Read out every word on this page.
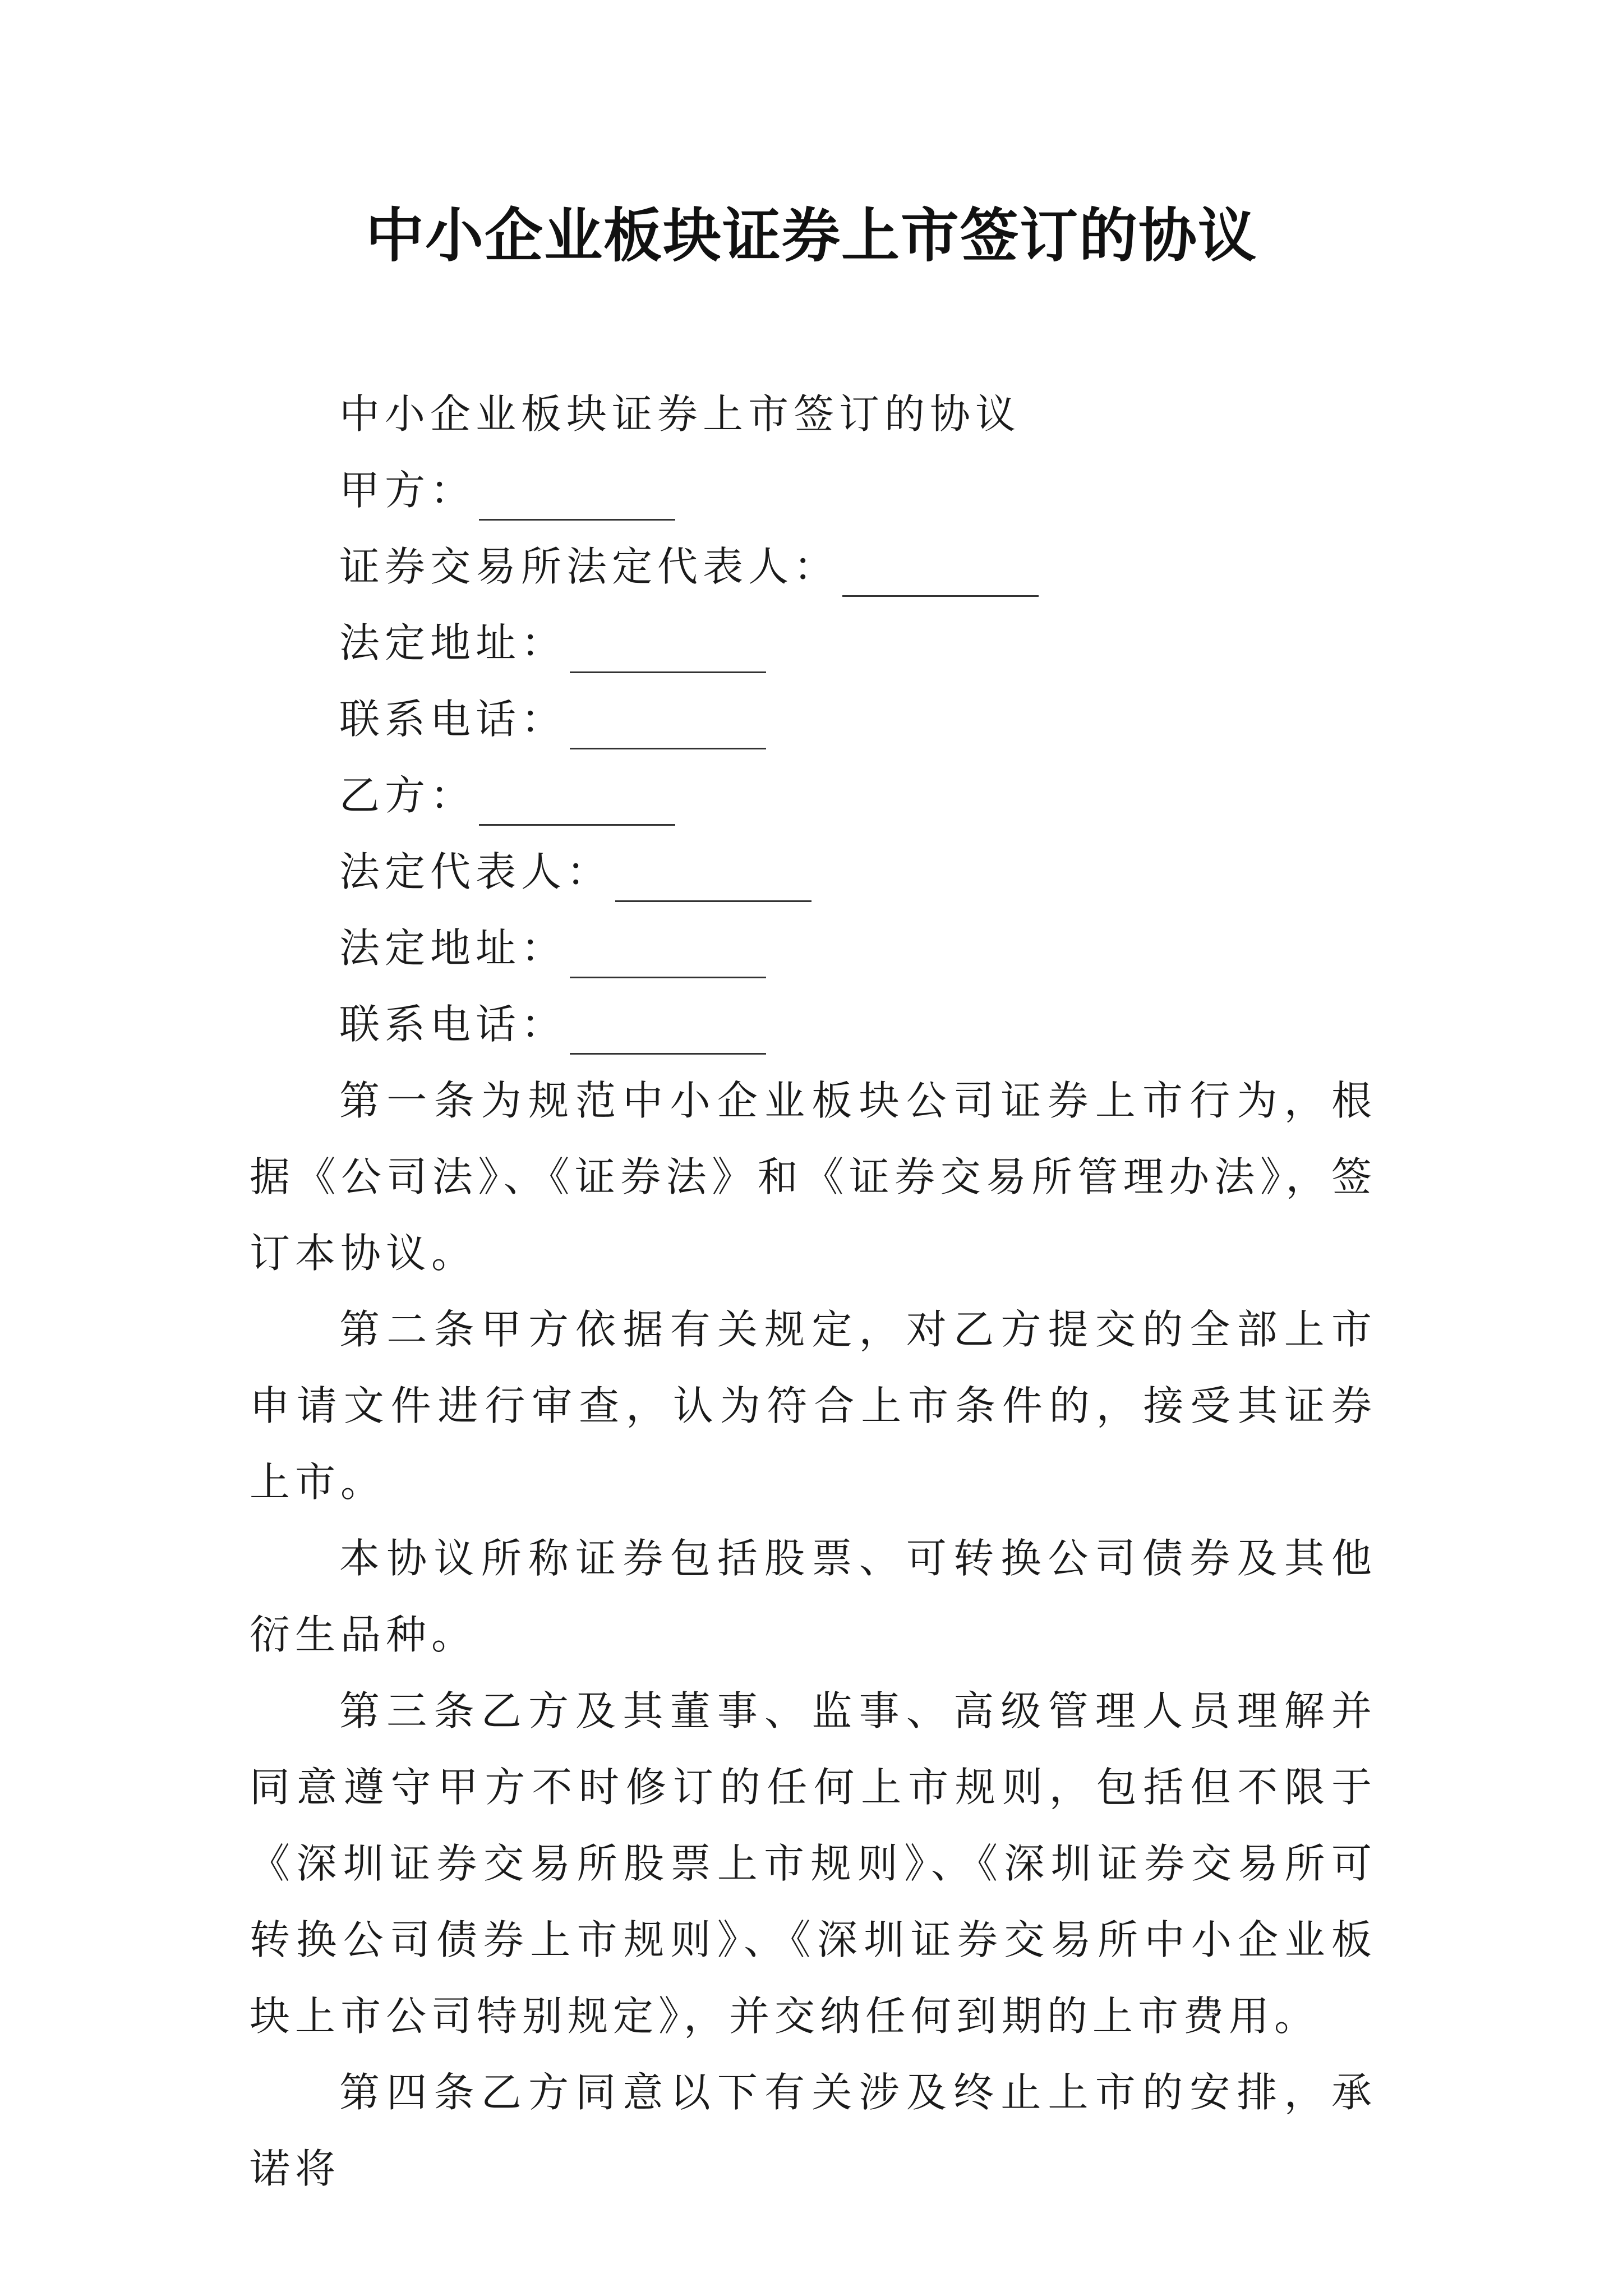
中小企业板块证券上市签订的协议

中小企业板块证券上市签订的协议

甲方：

证券交易所法定代表人：

法定地址：

联系电话：

乙方：

法定代表人：

法定地址：

联系电话：

第一条为规范中小企业板块公司证券上市行为，根据《公司法》、《证券法》和《证券交易所管理办法》，签订本协议。

第二条甲方依据有关规定，对乙方提交的全部上市申请文件进行审查，认为符合上市条件的，接受其证券上市。

本协议所称证券包括股票、可转换公司债券及其他衍生品种。

第三条乙方及其董事、监事、高级管理人员理解并同意遵守甲方不时修订的任何上市规则，包括但不限于《深圳证券交易所股票上市规则》、《深圳证券交易所可转换公司债券上市规则》、《深圳证券交易所中小企业板块上市公司特别规定》，并交纳任何到期的上市费用。

第四条乙方同意以下有关涉及终止上市的安排，承诺将
